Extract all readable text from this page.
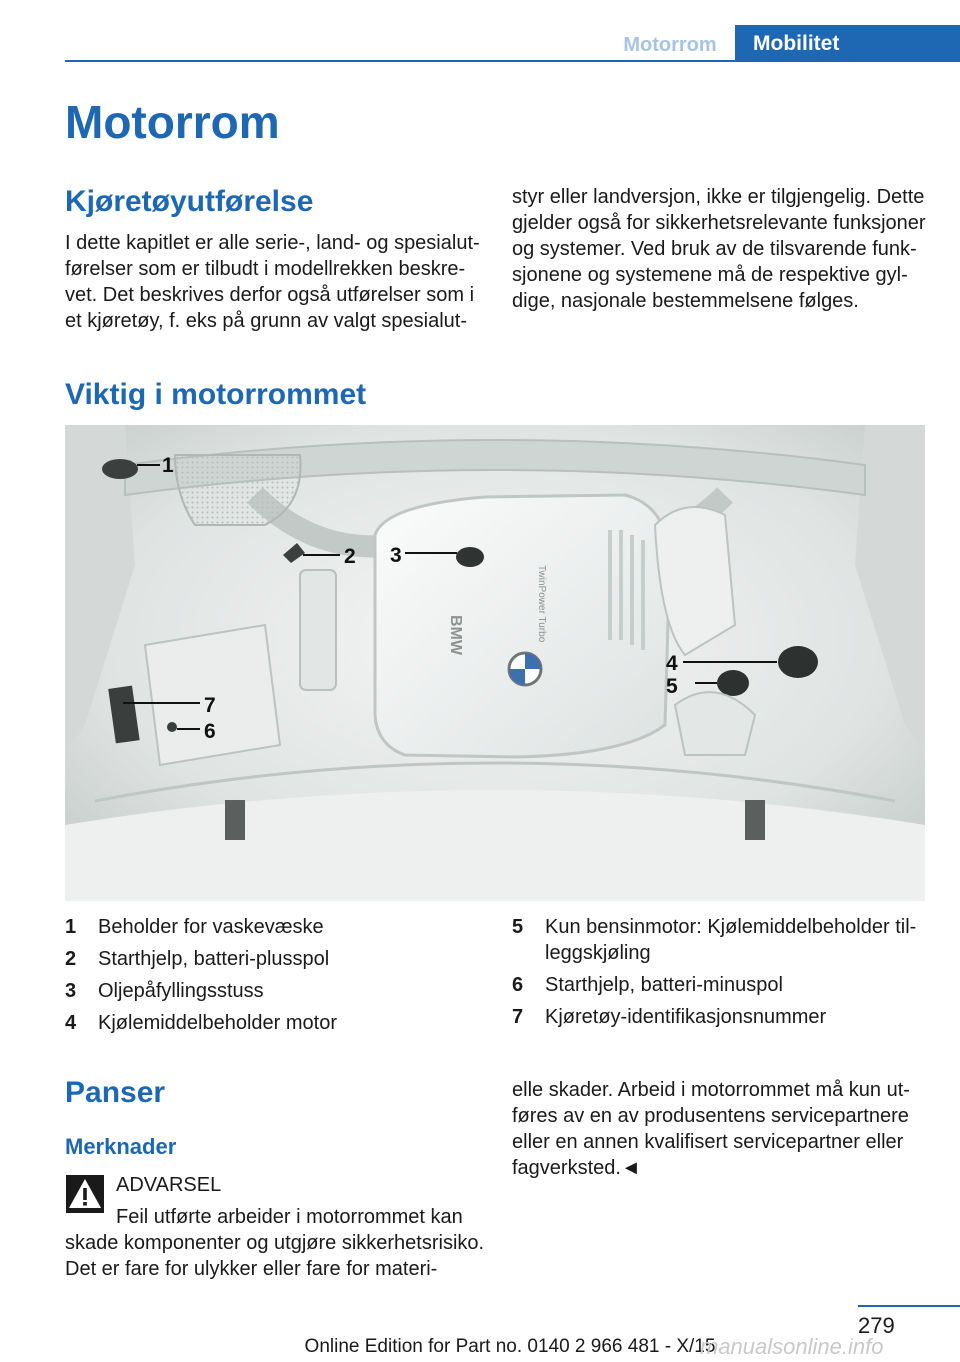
Motorrom	Mobilitet
Motorrom
Kjøretøyutførelse

I dette kapitlet er alle serie-, land- og spesialutførelser som er tilbudt i modellrekken beskrevet. Det beskrives derfor også utførelser som i et kjøretøy, f. eks på grunn av valgt spesialut‐

styr eller landversjon, ikke er tilgjengelig. Dette gjelder også for sikkerhetsrelevante funksjoner og systemer. Ved bruk av de tilsvarende funksjonene og systemene må de respektive gyldige, nasjonale bestemmelsene følges.

Viktig i motorrommet
BMW	TwinPower Turbo
1
2 3
4
5
6
7
1	Beholder for vaskevæske
2	Starthjelp, batteri-plusspol
3	Oljepåfyllingsstuss
4	Kjølemiddelbeholder motor
5	Kun bensinmotor: Kjølemiddelbeholder tilleggskjøling
6	Starthjelp, batteri-minuspol
7	Kjøretøy-identifikasjonsnummer
Panser
Merknader

ADVARSEL

Feil utførte arbeider i motorrommet kan
skade komponenter og utgjøre sikkerhetsrisiko. Det er fare for ulykker eller fare for materi‐

elle skader. Arbeid i motorrommet må kun utføres av en av produsentens servicepartnere eller en annen kvalifisert servicepartner eller fagverksted.◄

279
Online Edition for Part no. 0140 2 966 481 - X/15
manualsonline.info
